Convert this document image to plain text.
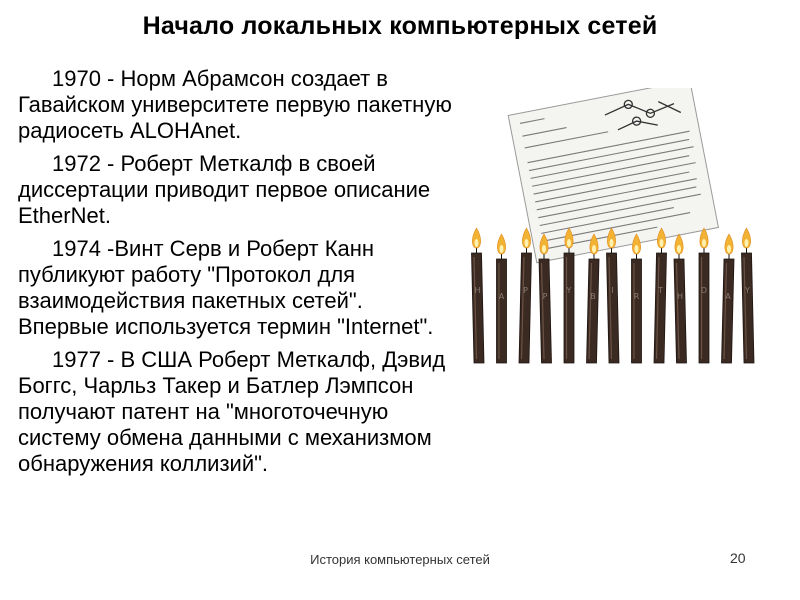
Начало локальных компьютерных сетей

1970 - Норм Абрамсон создает в Гавайском университете первую пакетную радиосеть ALOHAnet.

1972 - Роберт Меткалф в своей диссертации приводит первое описание EtherNet.

1974 -Винт Серв и Роберт Канн публикуют работу "Протокол для взаимодействия пакетных сетей". Впервые используется термин "Internet".

1977 - В США Роберт Меткалф, Дэвид Боггс, Чарльз Такер и Батлер Лэмпсон получают патент на "многоточечную систему обмена данными с механизмом обнаружения коллизий".

H
A
P
P
Y
B
I
R
T
H
D
A
Y
История компьютерных сетей	20
